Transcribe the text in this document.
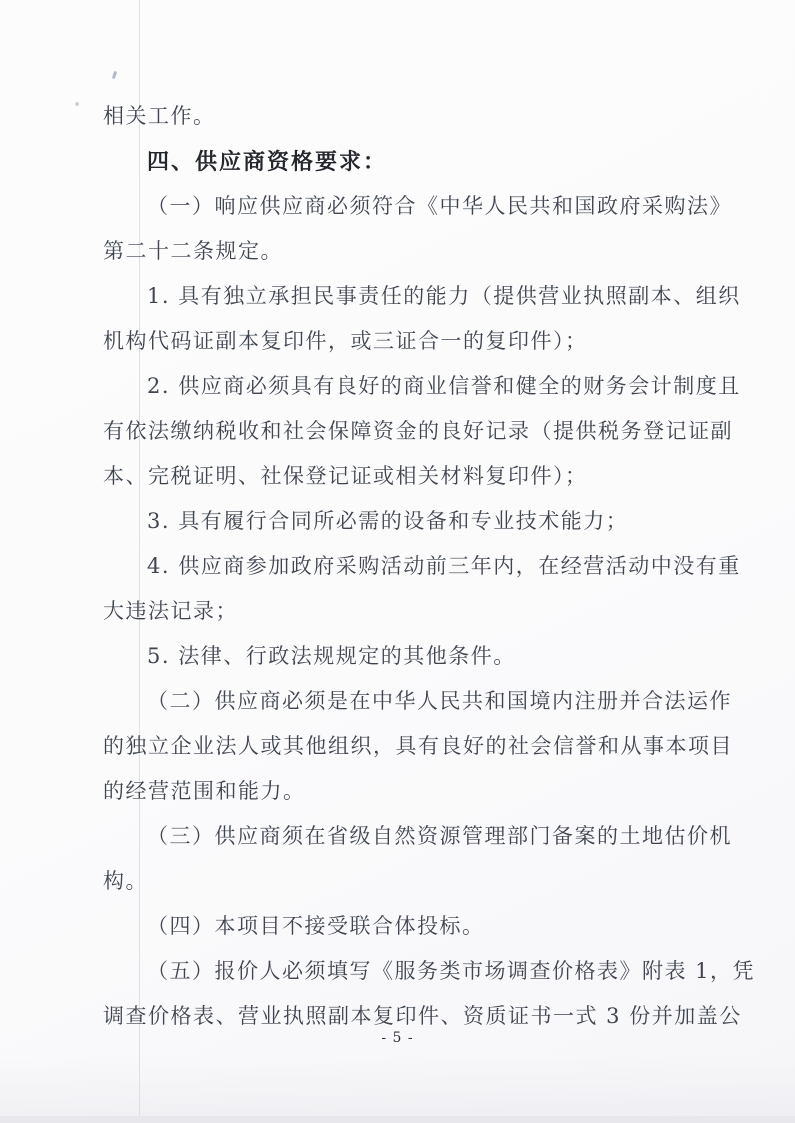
相关工作。
四、供应商资格要求：
（一）响应供应商必须符合《中华人民共和国政府采购法》
第二十二条规定。
1. 具有独立承担民事责任的能力（提供营业执照副本、组织
机构代码证副本复印件，或三证合一的复印件）；
2. 供应商必须具有良好的商业信誉和健全的财务会计制度且
有依法缴纳税收和社会保障资金的良好记录（提供税务登记证副
本、完税证明、社保登记证或相关材料复印件）；
3. 具有履行合同所必需的设备和专业技术能力；
4. 供应商参加政府采购活动前三年内，在经营活动中没有重
大违法记录；
5. 法律、行政法规规定的其他条件。
（二）供应商必须是在中华人民共和国境内注册并合法运作
的独立企业法人或其他组织，具有良好的社会信誉和从事本项目
的经营范围和能力。
（三）供应商须在省级自然资源管理部门备案的土地估价机
构。
（四）本项目不接受联合体投标。
（五）报价人必须填写《服务类市场调查价格表》附表 1，凭
调查价格表、营业执照副本复印件、资质证书一式 3 份并加盖公
- 5 -
